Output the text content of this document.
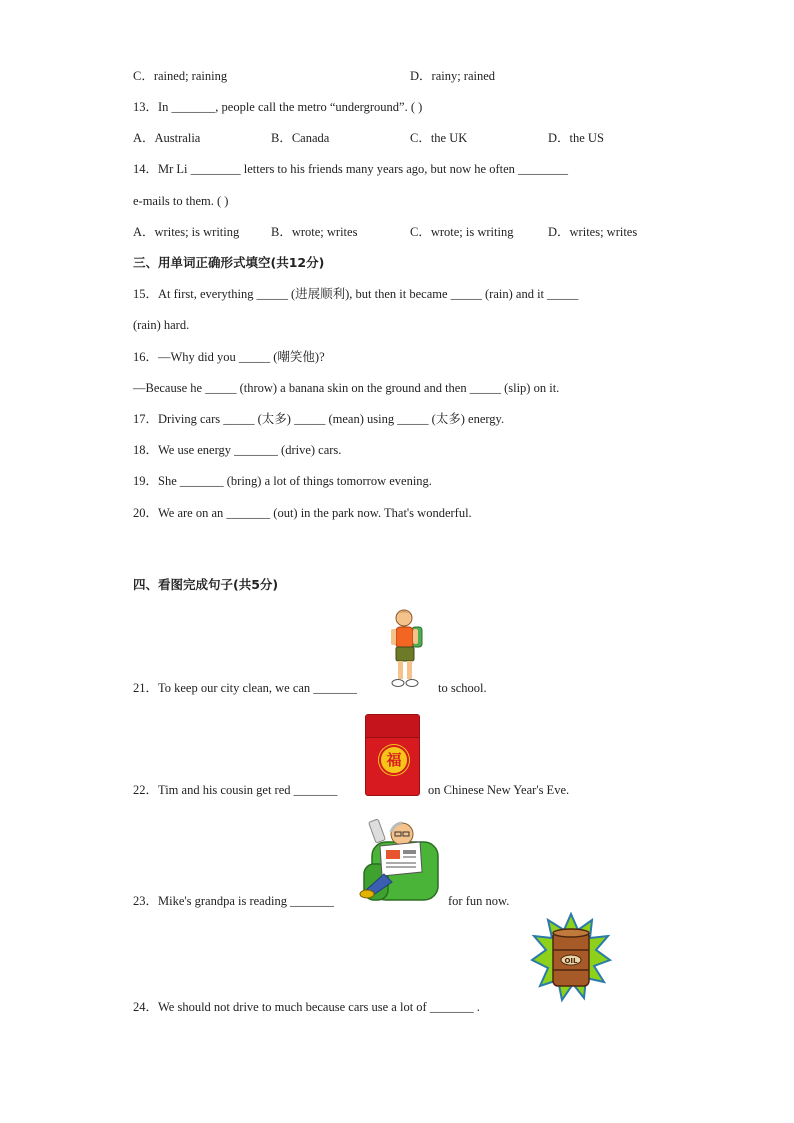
C．rained; raining	D．rainy; rained
13．In _______, people call the metro “underground”. ( )
A．Australia	B．Canada	C．the UK	D．the US
14．Mr Li ________ letters to his friends many years ago, but now he often ________
e-mails to them. ( )
A．writes; is writing	B．wrote; writes	C．wrote; is writing	D．writes; writes
三、用单词正确形式填空(共12分)
15．At first, everything _____ (进展顺利), but then it became _____ (rain) and it _____
(rain) hard.
16．—Why did you _____ (嘲笑他)?
—Because he _____ (throw) a banana skin on the ground and then _____ (slip) on it.
17．Driving cars _____ (太多) _____ (mean) using _____ (太多) energy.
18．We use energy _______ (drive) cars.
19．She _______ (bring) a lot of things tomorrow evening.
20．We are on an _______ (out) in the park now. That's wonderful.
四、看图完成句子(共5分)
21．To keep our city clean, we can _______	to school.
22．Tim and his cousin get red _______
福
on Chinese New Year's Eve.
23．Mike's grandpa is reading _______	for fun now.
OIL
24．We should not drive to much because cars use a lot of _______ .
